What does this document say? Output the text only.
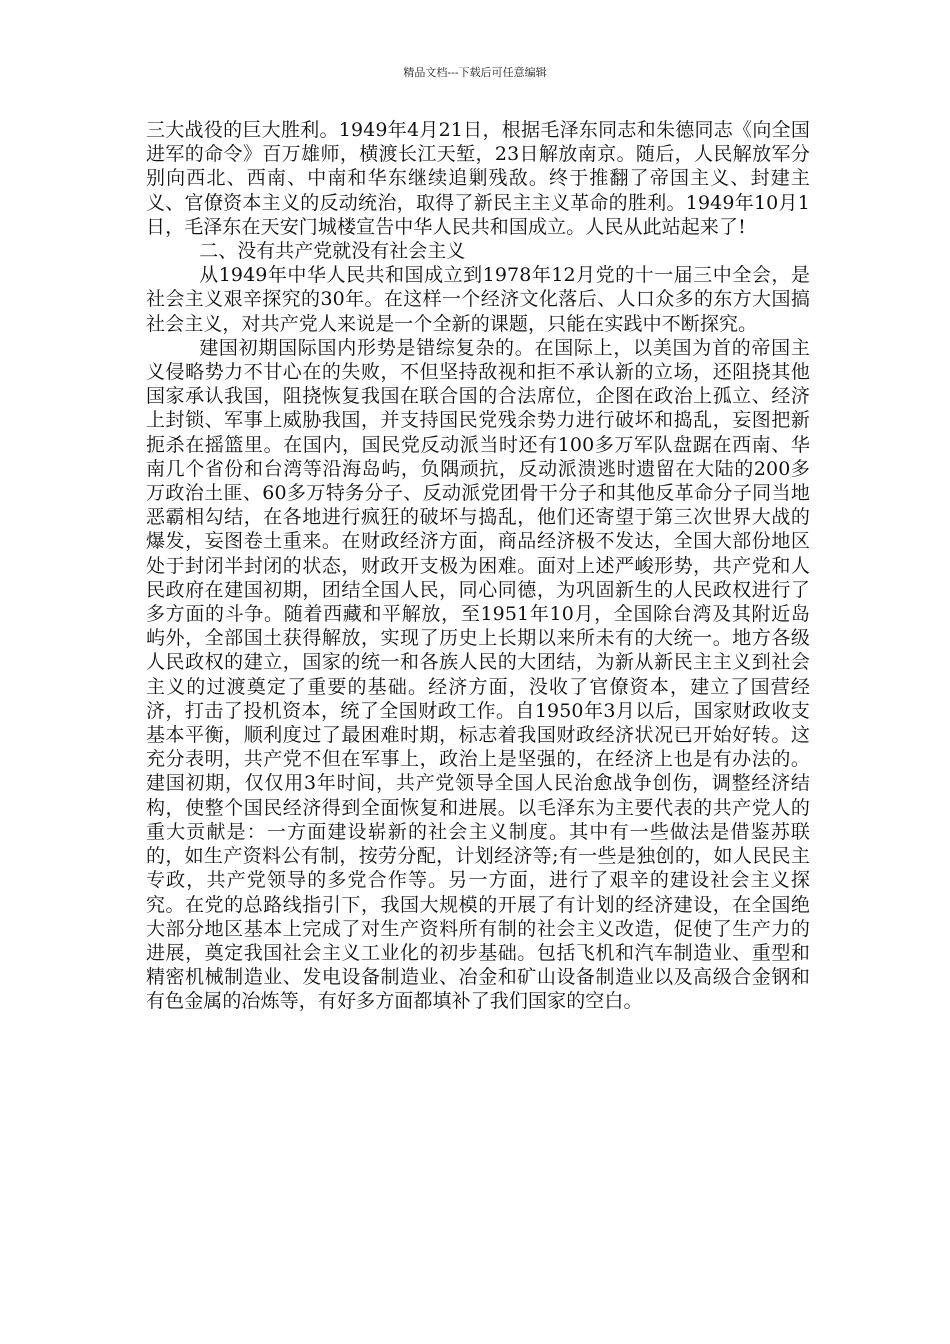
精品文档---下载后可任意编辑

三大战役的巨大胜利。1949年4月21日，根据毛泽东同志和朱德同志《向全国进军的命令》百万雄师，横渡长江天堑，23日解放南京。随后，人民解放军分别向西北、西南、中南和华东继续追剿残敌。终于推翻了帝国主义、封建主义、官僚资本主义的反动统治，取得了新民主主义革命的胜利。1949年10月1日，毛泽东在天安门城楼宣告中华人民共和国成立。人民从此站起来了!

二、没有共产党就没有社会主义

从1949年中华人民共和国成立到1978年12月党的十一届三中全会，是社会主义艰辛探究的30年。在这样一个经济文化落后、人口众多的东方大国搞社会主义，对共产党人来说是一个全新的课题，只能在实践中不断探究。

建国初期国际国内形势是错综复杂的。在国际上，以美国为首的帝国主义侵略势力不甘心在的失败，不但坚持敌视和拒不承认新的立场，还阻挠其他国家承认我国，阻挠恢复我国在联合国的合法席位，企图在政治上孤立、经济上封锁、军事上威胁我国，并支持国民党残余势力进行破坏和捣乱，妄图把新扼杀在摇篮里。在国内，国民党反动派当时还有100多万军队盘踞在西南、华南几个省份和台湾等沿海岛屿，负隅顽抗，反动派溃逃时遗留在大陆的200多万政治土匪、60多万特务分子、反动派党团骨干分子和其他反革命分子同当地恶霸相勾结，在各地进行疯狂的破坏与捣乱，他们还寄望于第三次世界大战的爆发，妄图卷土重来。在财政经济方面，商品经济极不发达，全国大部份地区处于封闭半封闭的状态，财政开支极为困难。面对上述严峻形势，共产党和人民政府在建国初期，团结全国人民，同心同德，为巩固新生的人民政权进行了多方面的斗争。随着西藏和平解放，至1951年10月，全国除台湾及其附近岛屿外，全部国土获得解放，实现了历史上长期以来所未有的大统一。地方各级人民政权的建立，国家的统一和各族人民的大团结，为新从新民主主义到社会主义的过渡奠定了重要的基础。经济方面，没收了官僚资本，建立了国营经济，打击了投机资本，统了全国财政工作。自1950年3月以后，国家财政收支基本平衡，顺利度过了最困难时期，标志着我国财政经济状况已开始好转。这充分表明，共产党不但在军事上，政治上是坚强的，在经济上也是有办法的。建国初期，仅仅用3年时间，共产党领导全国人民治愈战争创伤，调整经济结构，使整个国民经济得到全面恢复和进展。以毛泽东为主要代表的共产党人的重大贡献是：一方面建设崭新的社会主义制度。其中有一些做法是借鉴苏联的，如生产资料公有制，按劳分配，计划经济等;有一些是独创的，如人民民主专政，共产党领导的多党合作等。另一方面，进行了艰辛的建设社会主义探究。在党的总路线指引下，我国大规模的开展了有计划的经济建设，在全国绝大部分地区基本上完成了对生产资料所有制的社会主义改造，促使了生产力的进展，奠定我国社会主义工业化的初步基础。包括飞机和汽车制造业、重型和精密机械制造业、发电设备制造业、冶金和矿山设备制造业以及高级合金钢和有色金属的冶炼等，有好多方面都填补了我们国家的空白。
